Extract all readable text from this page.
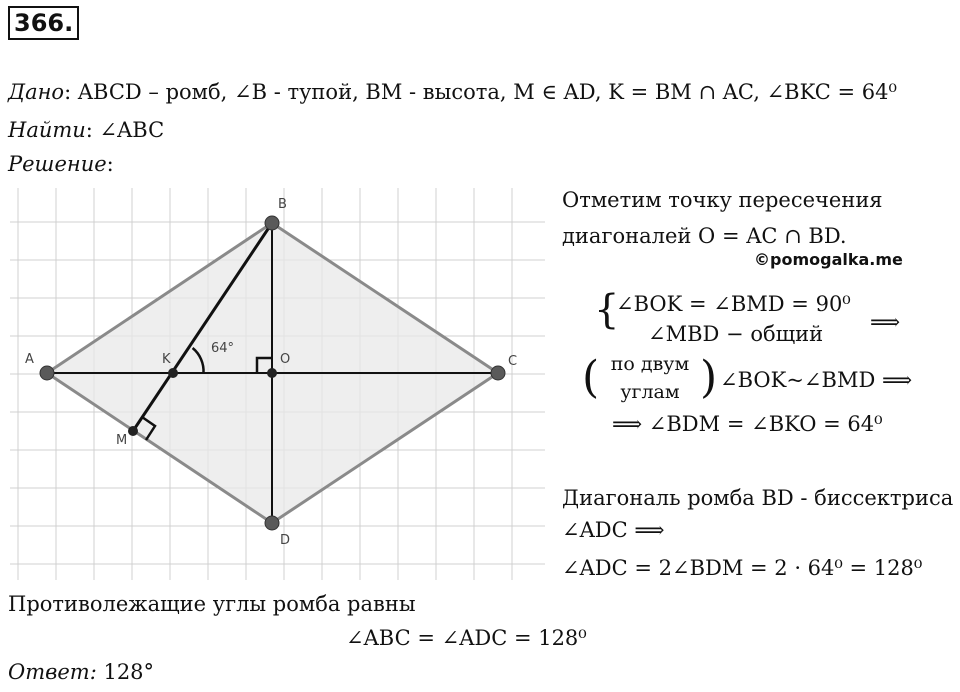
366.
Дано: ABCD – ромб, ∠B - тупой, BM - высота, M ∈ AD, K = BM ∩ AC, ∠BKC = 64⁰
Найти: ∠ABC
Решение:
A
B
C
D
K	O
M
64°
Отметим точку пересечения
диагоналей O = AC ∩ BD.
©pomogalka.me
{
∠BOK = ∠BMD = 90⁰
∠MBD − общий ⟹
( по двум
углам ) ∠BOK~∠BMD ⟹
⟹ ∠BDM = ∠BKO = 64⁰
Диагональ ромба BD - биссектриса
∠ADC ⟹
∠ADC = 2∠BDM = 2 · 64⁰ = 128⁰
Противолежащие углы ромба равны
∠ABC = ∠ADC = 128⁰
Ответ: 128°
